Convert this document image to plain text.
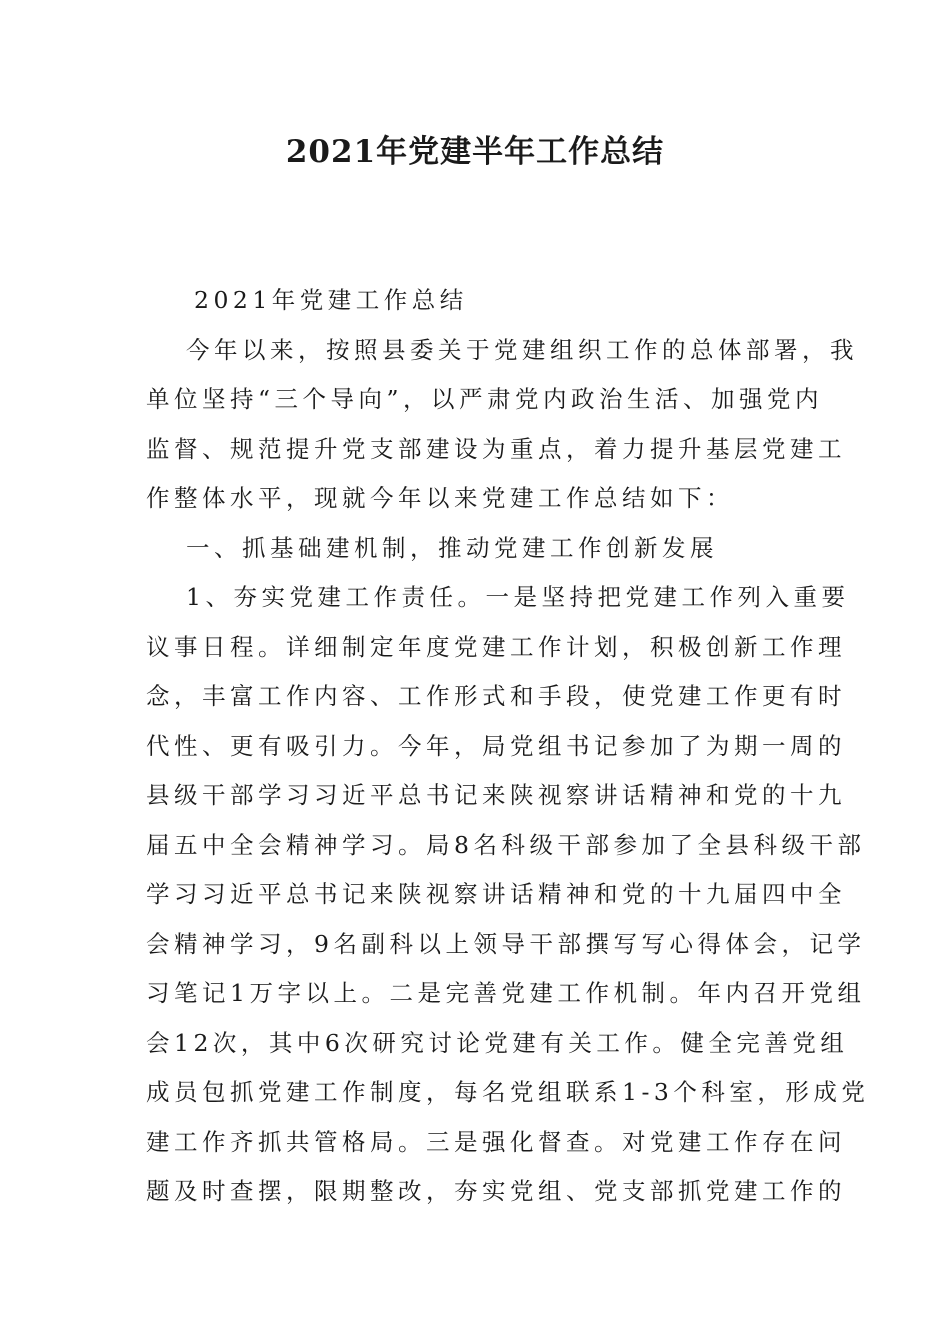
2021年党建半年工作总结
2021年党建工作总结
今年以来，按照县委关于党建组织工作的总体部署，我
单位坚持“三个导向”，以严肃党内政治生活、加强党内
监督、规范提升党支部建设为重点，着力提升基层党建工
作整体水平，现就今年以来党建工作总结如下：
一、抓基础建机制，推动党建工作创新发展
1、夯实党建工作责任。一是坚持把党建工作列入重要
议事日程。详细制定年度党建工作计划，积极创新工作理
念，丰富工作内容、工作形式和手段，使党建工作更有时
代性、更有吸引力。今年，局党组书记参加了为期一周的
县级干部学习习近平总书记来陕视察讲话精神和党的十九
届五中全会精神学习。局8名科级干部参加了全县科级干部
学习习近平总书记来陕视察讲话精神和党的十九届四中全
会精神学习，9名副科以上领导干部撰写写心得体会，记学
习笔记1万字以上。二是完善党建工作机制。年内召开党组
会12次，其中6次研究讨论党建有关工作。健全完善党组
成员包抓党建工作制度，每名党组联系1-3个科室，形成党
建工作齐抓共管格局。三是强化督查。对党建工作存在问
题及时查摆，限期整改，夯实党组、党支部抓党建工作的
